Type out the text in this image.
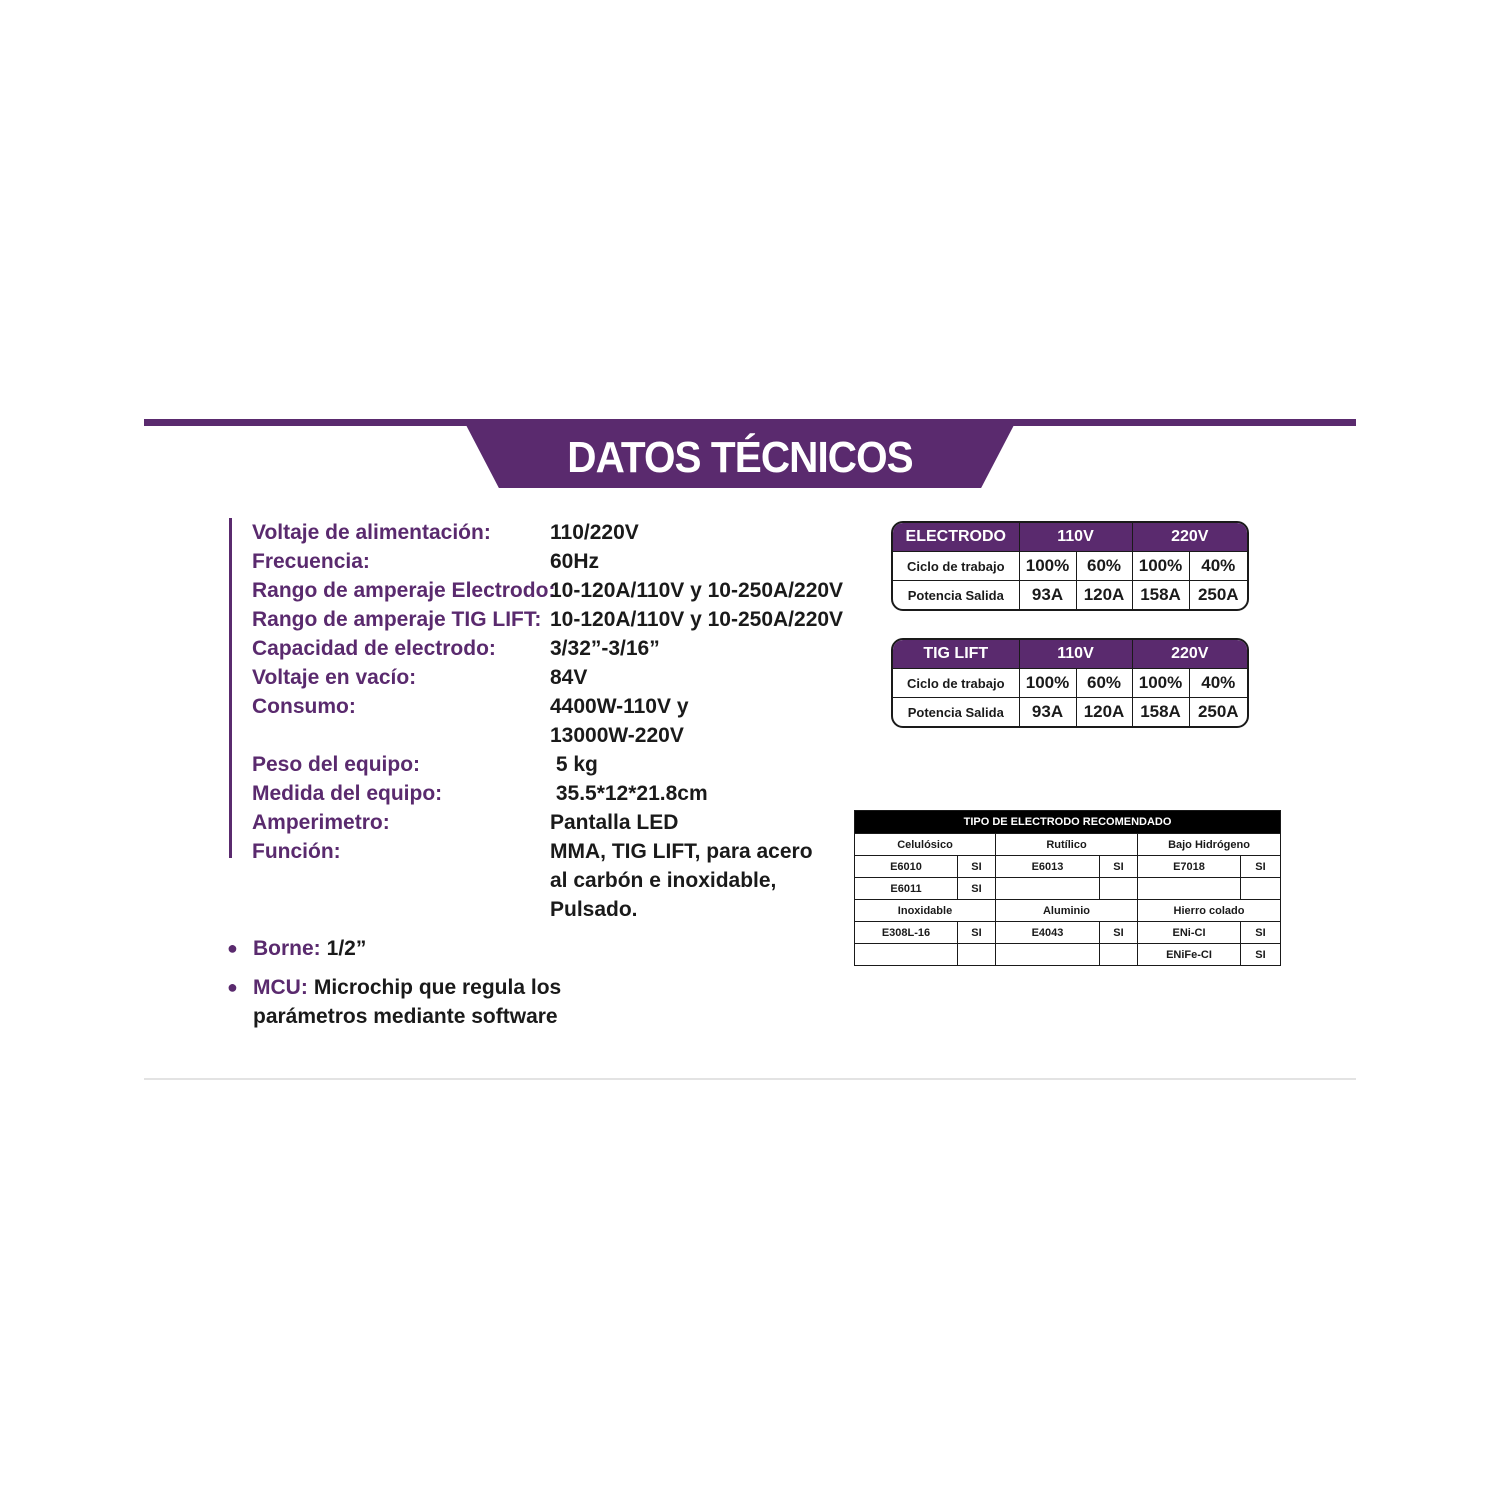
DATOS TÉCNICOS
Voltaje de alimentación:	110/220V
Frecuencia:	60Hz
Rango de amperaje Electrodo:
10-120A/110V y 10-250A/220V
Rango de amperaje TIG LIFT: 10-120A/110V y 10-250A/220V
Capacidad de electrodo:	3/32”-3/16”
Voltaje en vacío:	84V
Consumo:	4400W-110V y
13000W-220V
Peso del equipo:	5 kg
Medida del equipo:	35.5*12*21.8cm
Amperimetro:	Pantalla LED
Función:	MMA, TIG LIFT, para acero
al carbón e inoxidable,
Pulsado.
● Borne: 1/2”
● MCU: Microchip que regula los parámetros mediante software
ELECTRODO	110V		220V	
Ciclo de trabajo	100%	60%	100%	40%
Potencia Salida	93A	120A	158A	250A
TIG LIFT	110V		220V	
Ciclo de trabajo	100%	60%	100%	40%
Potencia Salida	93A	120A	158A	250A
TIPO DE ELECTRODO RECOMENDADO					
Celulósico		Rutílico		Bajo Hidrógeno	
E6010	SI	E6013	SI	E7018	SI
E6011	SI				
Inoxidable		Aluminio		Hierro colado	
E308L-16	SI	E4043	SI	ENi-CI	SI
				ENiFe-CI	SI
